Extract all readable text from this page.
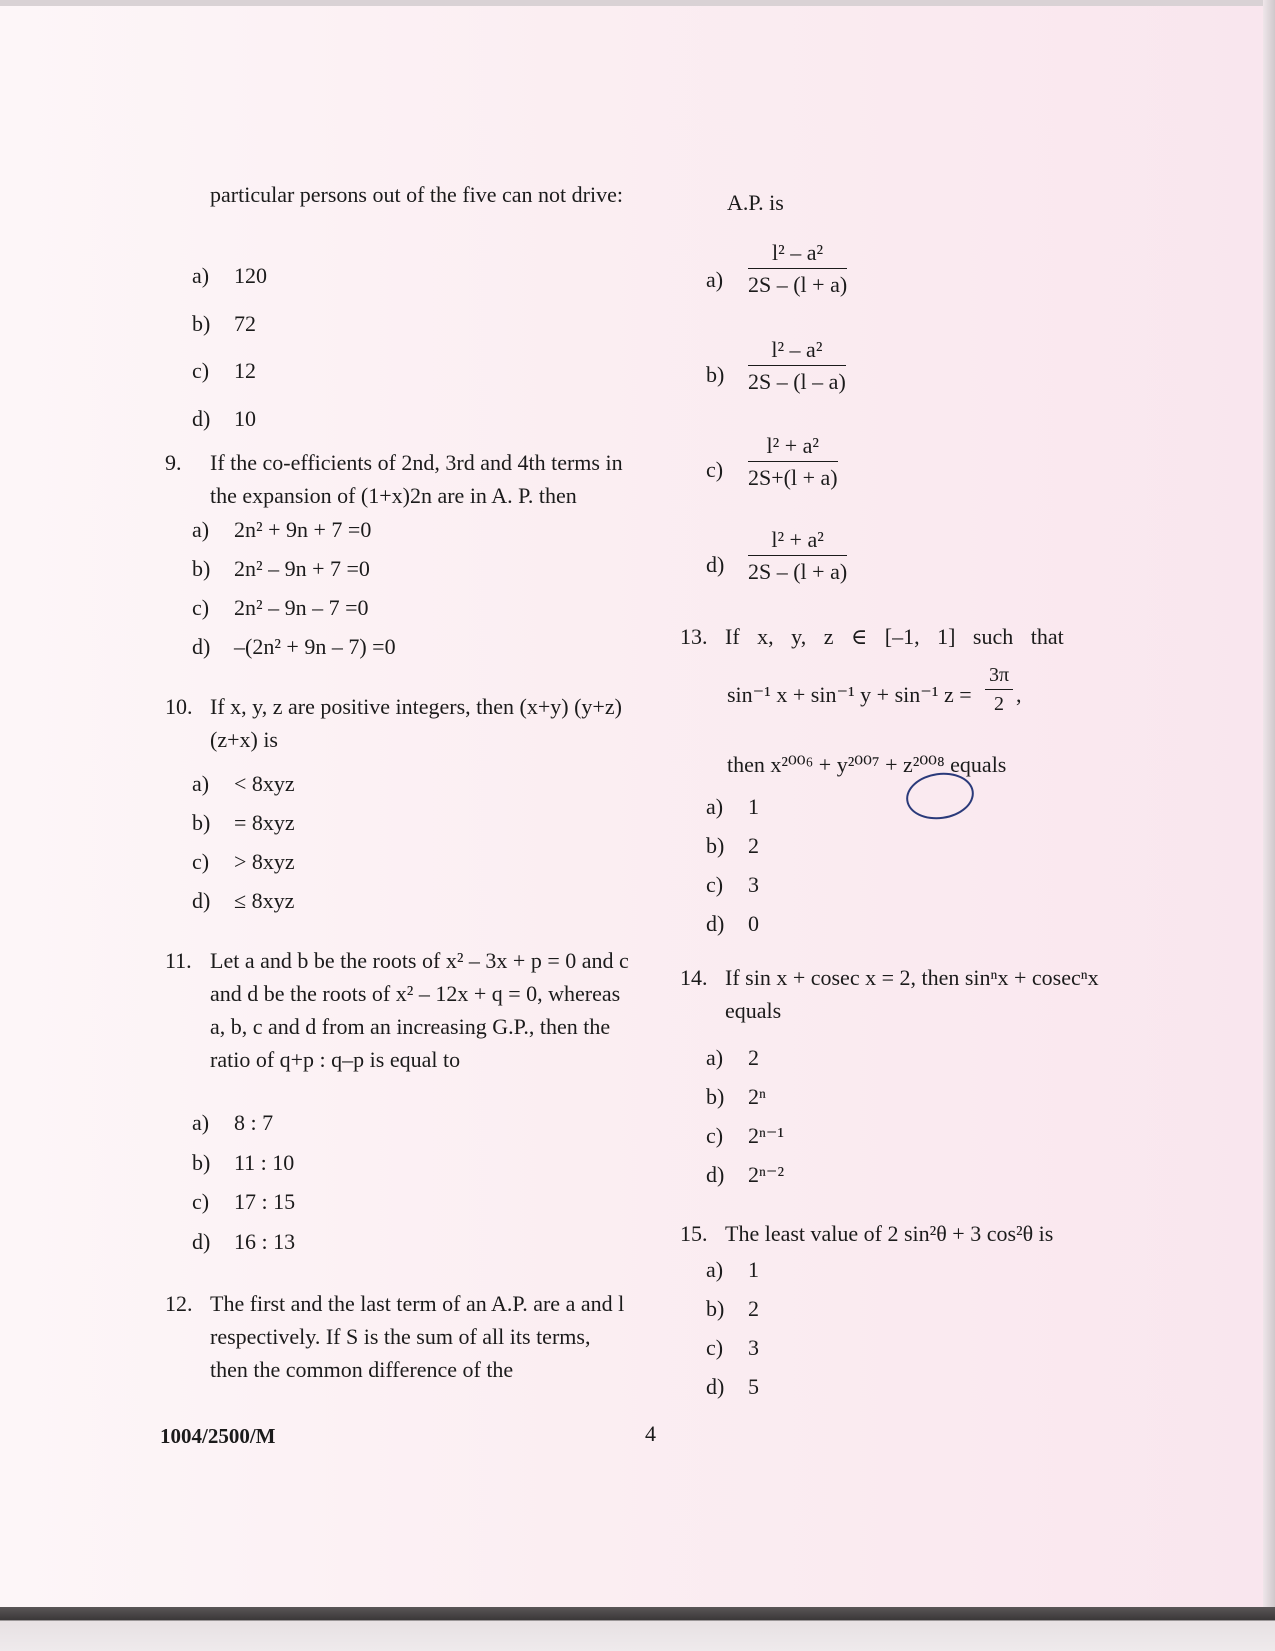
particular persons out of the five can not drive:
a) 120
b) 72
c) 12
d) 10
9. If the co-efficients of 2nd, 3rd and 4th terms in the expansion of (1+x)2n are in A. P. then
a) 2n² + 9n + 7 =0
b) 2n² – 9n + 7 =0
c) 2n² – 9n – 7 =0
d) –(2n² + 9n – 7) =0
10. If x, y, z are positive integers, then (x+y) (y+z) (z+x) is
a) < 8xyz
b) = 8xyz
c) > 8xyz
d) ≤ 8xyz
11. Let a and b be the roots of x² – 3x + p = 0 and c and d be the roots of x² – 12x + q = 0, whereas a, b, c and d from an increasing G.P., then the ratio of q+p : q–p is equal to
a) 8 : 7
b) 11 : 10
c) 17 : 15
d) 16 : 13
12. The first and the last term of an A.P. are a and l respectively. If S is the sum of all its terms, then the common difference of the
A.P. is
$a) \frac{\text{l² – a²}}{2S - (l + a)}$
$b) \frac{\text{l² – a²}}{2S - (l - a)}$
$c) \frac{\text{l² + a²}}{2S+(l + a)}$
$d) \frac{\text{l² + a²}}{2S - (l + a)}$
13. If x, y, z ∈ [–1, 1] such that
sin⁻¹ x + sin⁻¹ y + sin⁻¹ $z = \frac{3\pi}{2}$ ,
then x²⁰⁰⁶ + y²⁰⁰⁷ + z²⁰⁰⁸ equals
a) 1
b) 2
c) 3
d) 0
14. If sin x + cosec x = 2, then sinⁿx + cosecⁿx equals
a) 2
b) 2ⁿ
c) 2ⁿ⁻¹
d) 2ⁿ⁻²
15. The least value of 2 sin²θ + 3 cos²θ is
a) 1
b) 2
c) 3
d) 5
1004/2500/M	4
